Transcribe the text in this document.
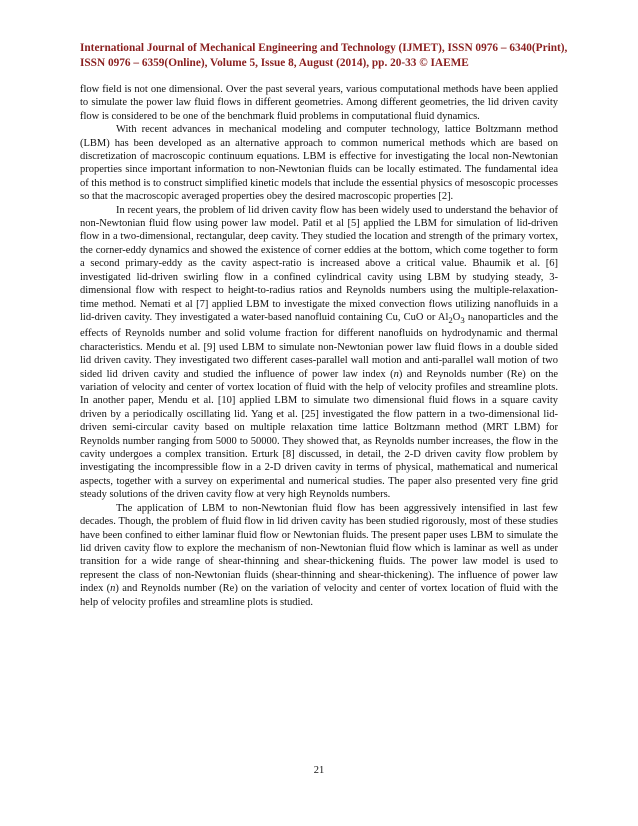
International Journal of Mechanical Engineering and Technology (IJMET), ISSN 0976 – 6340(Print),
ISSN 0976 – 6359(Online), Volume 5, Issue 8, August (2014), pp. 20-33 © IAEME

flow field is not one dimensional. Over the past several years, various computational methods have been applied to simulate the power law fluid flows in different geometries. Among different geometries, the lid driven cavity flow is considered to be one of the benchmark fluid problems in computational fluid dynamics.

With recent advances in mechanical modeling and computer technology, lattice Boltzmann method (LBM) has been developed as an alternative approach to common numerical methods which are based on discretization of macroscopic continuum equations. LBM is effective for investigating the local non-Newtonian properties since important information to non-Newtonian fluids can be locally estimated. The fundamental idea of this method is to construct simplified kinetic models that include the essential physics of mesoscopic processes so that the macroscopic averaged properties obey the desired macroscopic properties [2].

In recent years, the problem of lid driven cavity flow has been widely used to understand the behavior of non-Newtonian fluid flow using power law model. Patil et al [5] applied the LBM for simulation of lid-driven flow in a two-dimensional, rectangular, deep cavity. They studied the location and strength of the primary vortex, the corner-eddy dynamics and showed the existence of corner eddies at the bottom, which come together to form a second primary-eddy as the cavity aspect-ratio is increased above a critical value. Bhaumik et al. [6] investigated lid-driven swirling flow in a confined cylindrical cavity using LBM by studying steady, 3-dimensional flow with respect to height-to-radius ratios and Reynolds numbers using the multiple-relaxation-time method. Nemati et al [7] applied LBM to investigate the mixed convection flows utilizing nanofluids in a lid-driven cavity. They investigated a water-based nanofluid containing Cu, CuO or $Al_2O_3$ nanoparticles and the effects of Reynolds number and solid volume fraction for different nanofluids on hydrodynamic and thermal characteristics. Mendu et al. [9] used LBM to simulate non-Newtonian power law fluid flows in a double sided lid driven cavity. They investigated two different cases-parallel wall motion and anti-parallel wall motion of two sided lid driven cavity and studied the influence of power law index (n) and Reynolds number (Re) on the variation of velocity and center of vortex location of fluid with the help of velocity profiles and streamline plots. In another paper, Mendu et al. [10] applied LBM to simulate two dimensional fluid flows in a square cavity driven by a periodically oscillating lid. Yang et al. [25] investigated the flow pattern in a two-dimensional lid-driven semi-circular cavity based on multiple relaxation time lattice Boltzmann method (MRT LBM) for Reynolds number ranging from 5000 to 50000. They showed that, as Reynolds number increases, the flow in the cavity undergoes a complex transition. Erturk [8] discussed, in detail, the 2-D driven cavity flow problem by investigating the incompressible flow in a 2-D driven cavity in terms of physical, mathematical and numerical aspects, together with a survey on experimental and numerical studies. The paper also presented very fine grid steady solutions of the driven cavity flow at very high Reynolds numbers.

The application of LBM to non-Newtonian fluid flow has been aggressively intensified in last few decades. Though, the problem of fluid flow in lid driven cavity has been studied rigorously, most of these studies have been confined to either laminar fluid flow or Newtonian fluids. The present paper uses LBM to simulate the lid driven cavity flow to explore the mechanism of non-Newtonian fluid flow which is laminar as well as under transition for a wide range of shear-thinning and shear-thickening fluids. The power law model is used to represent the class of non-Newtonian fluids (shear-thinning and shear-thickening). The influence of power law index (n) and Reynolds number (Re) on the variation of velocity and center of vortex location of fluid with the help of velocity profiles and streamline plots is studied.

21
